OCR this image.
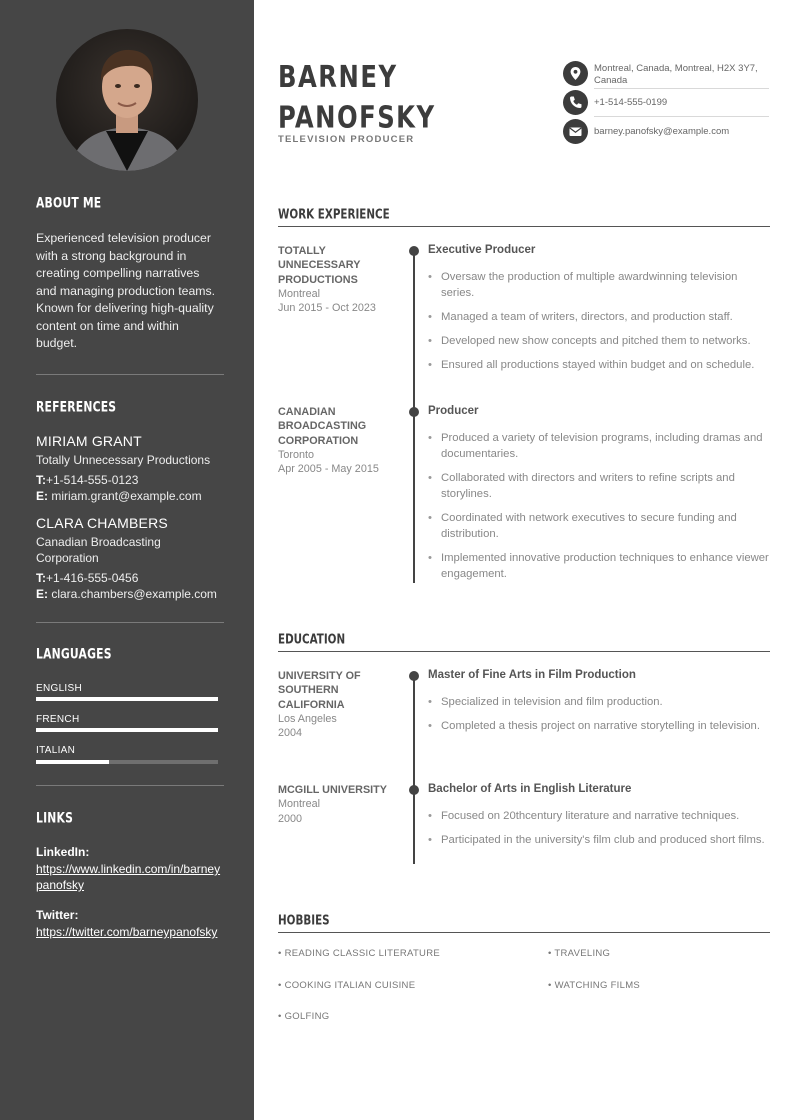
ABOUT ME
Experienced television producer with a strong background in creating compelling narratives and managing production teams. Known for delivering high-quality content on time and within budget.
REFERENCES
MIRIAM GRANT
Totally Unnecessary Productions
T:+1-514-555-0123
E: miriam.grant@example.com
CLARA CHAMBERS
Canadian Broadcasting Corporation
T:+1-416-555-0456
E: clara.chambers@example.com
LANGUAGES
ENGLISH
FRENCH
ITALIAN
LINKS
LinkedIn:
https://www.linkedin.com/in/barneypanofsky
Twitter:
https://twitter.com/barneypanofsky
BARNEY
PANOFSKY
TELEVISION PRODUCER
Montreal, Canada, Montreal, H2X 3Y7, Canada
+1-514-555-0199
barney.panofsky@example.com
WORK EXPERIENCE
TOTALLY UNNECESSARY PRODUCTIONS
Montreal
Jun 2015 - Oct 2023
Executive Producer
• Oversaw the production of multiple awardwinning television series.
• Managed a team of writers, directors, and production staff.
• Developed new show concepts and pitched them to networks.
• Ensured all productions stayed within budget and on schedule.
CANADIAN BROADCASTING CORPORATION
Toronto
Apr 2005 - May 2015
Producer
• Produced a variety of television programs, including dramas and documentaries.
• Collaborated with directors and writers to refine scripts and storylines.
• Coordinated with network executives to secure funding and distribution.
• Implemented innovative production techniques to enhance viewer engagement.
EDUCATION
UNIVERSITY OF SOUTHERN CALIFORNIA
Los Angeles
2004
Master of Fine Arts in Film Production
• Specialized in television and film production.
• Completed a thesis project on narrative storytelling in television.
MCGILL UNIVERSITY
Montreal
2000
Bachelor of Arts in English Literature
• Focused on 20thcentury literature and narrative techniques.
• Participated in the university's film club and produced short films.
HOBBIES
• READING CLASSIC LITERATURE	• TRAVELING
• COOKING ITALIAN CUISINE	• WATCHING FILMS
• GOLFING
